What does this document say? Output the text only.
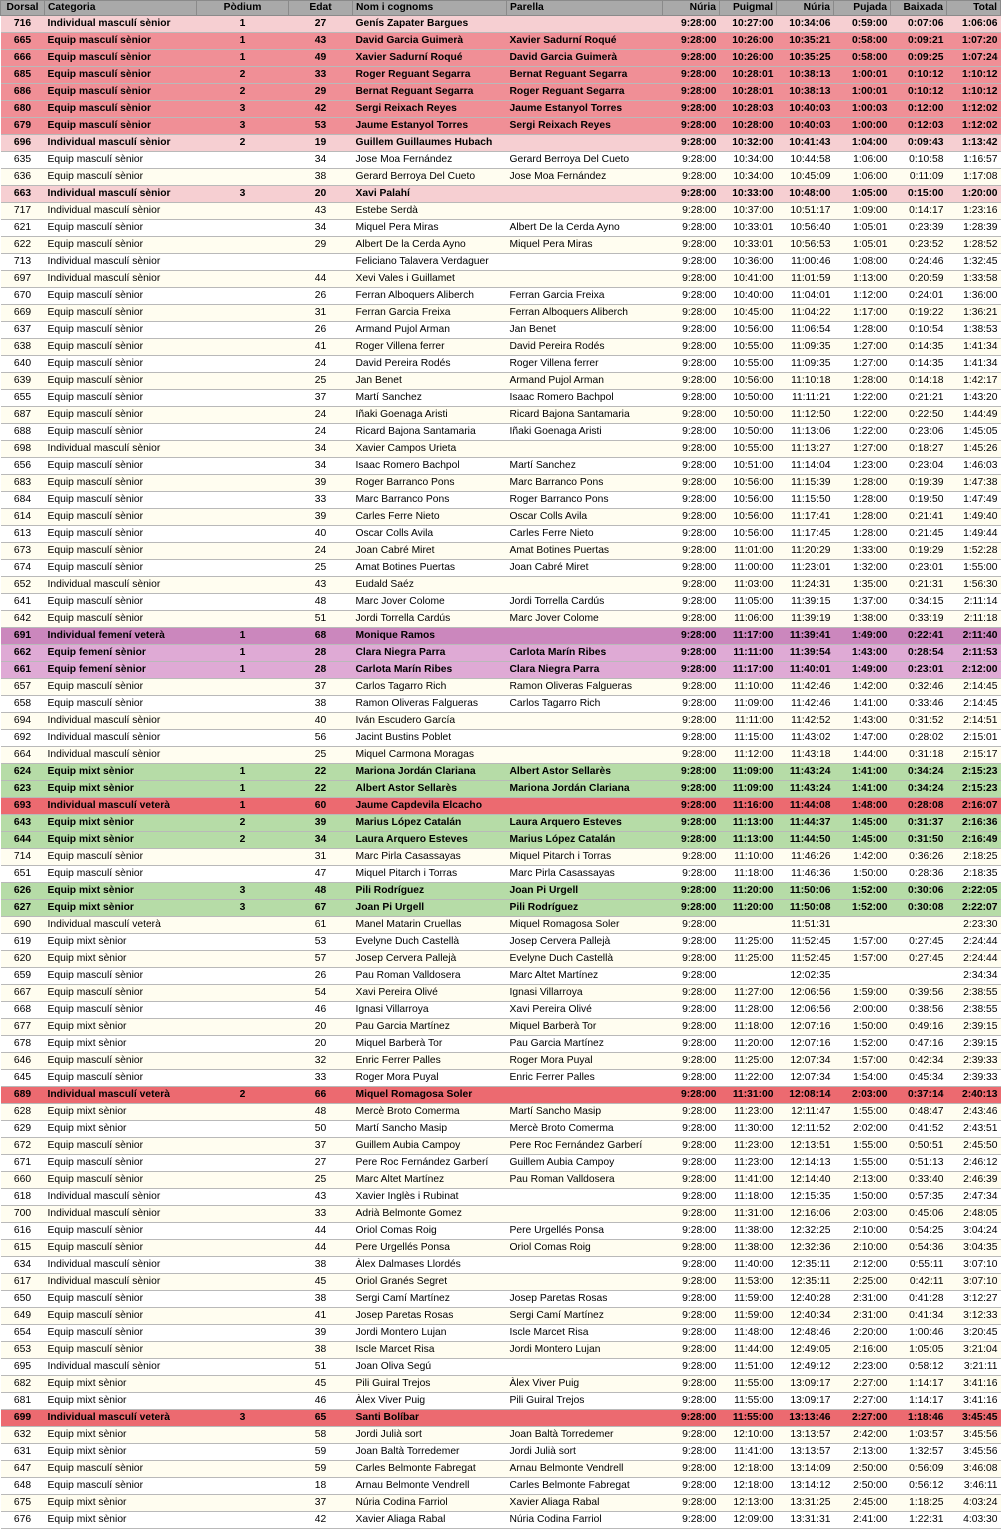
Dorsal	Categoria	Pòdium	Edat	Nom i cognoms	Parella	Núria	Puigmal	Núria	Pujada	Baixada	Total
716	Individual masculí sènior	1	27	Genís Zapater Bargues		9:28:00	10:27:00	10:34:06	0:59:00	0:07:06	1:06:06
665	Equip masculí sènior	1	43	David Garcia Guimerà	Xavier Sadurní Roqué	9:28:00	10:26:00	10:35:21	0:58:00	0:09:21	1:07:20
666	Equip masculí sènior	1	49	Xavier Sadurní Roqué	David Garcia Guimerà	9:28:00	10:26:00	10:35:25	0:58:00	0:09:25	1:07:24
685	Equip masculí sènior	2	33	Roger Reguant Segarra	Bernat Reguant Segarra	9:28:00	10:28:01	10:38:13	1:00:01	0:10:12	1:10:12
686	Equip masculí sènior	2	29	Bernat Reguant Segarra	Roger Reguant Segarra	9:28:00	10:28:01	10:38:13	1:00:01	0:10:12	1:10:12
680	Equip masculí sènior	3	42	Sergi Reixach Reyes	Jaume Estanyol Torres	9:28:00	10:28:03	10:40:03	1:00:03	0:12:00	1:12:02
679	Equip masculí sènior	3	53	Jaume Estanyol Torres	Sergi Reixach Reyes	9:28:00	10:28:00	10:40:03	1:00:00	0:12:03	1:12:02
696	Individual masculí sènior	2	19	Guillem Guillaumes Hubach		9:28:00	10:32:00	10:41:43	1:04:00	0:09:43	1:13:42
635	Equip masculí sènior		34	Jose Moa Fernández	Gerard Berroya Del Cueto	9:28:00	10:34:00	10:44:58	1:06:00	0:10:58	1:16:57
636	Equip masculí sènior		38	Gerard Berroya Del Cueto	Jose Moa Fernández	9:28:00	10:34:00	10:45:09	1:06:00	0:11:09	1:17:08
663	Individual masculí sènior	3	20	Xavi Palahí		9:28:00	10:33:00	10:48:00	1:05:00	0:15:00	1:20:00
717	Individual masculí sènior		43	Estebe Serdà		9:28:00	10:37:00	10:51:17	1:09:00	0:14:17	1:23:16
621	Equip masculí sènior		34	Miquel Pera Miras	Albert De la Cerda Ayno	9:28:00	10:33:01	10:56:40	1:05:01	0:23:39	1:28:39
622	Equip masculí sènior		29	Albert De la Cerda Ayno	Miquel Pera Miras	9:28:00	10:33:01	10:56:53	1:05:01	0:23:52	1:28:52
713	Individual masculí sènior			Feliciano Talavera Verdaguer		9:28:00	10:36:00	11:00:46	1:08:00	0:24:46	1:32:45
697	Individual masculí sènior		44	Xevi Vales i Guillamet		9:28:00	10:41:00	11:01:59	1:13:00	0:20:59	1:33:58
670	Equip masculí sènior		26	Ferran Alboquers Aliberch	Ferran Garcia Freixa	9:28:00	10:40:00	11:04:01	1:12:00	0:24:01	1:36:00
669	Equip masculí sènior		31	Ferran Garcia Freixa	Ferran Alboquers Aliberch	9:28:00	10:45:00	11:04:22	1:17:00	0:19:22	1:36:21
637	Equip masculí sènior		26	Armand Pujol Arman	Jan Benet	9:28:00	10:56:00	11:06:54	1:28:00	0:10:54	1:38:53
638	Equip masculí sènior		41	Roger Villena ferrer	David Pereira Rodés	9:28:00	10:55:00	11:09:35	1:27:00	0:14:35	1:41:34
640	Equip masculí sènior		24	David Pereira Rodés	Roger Villena ferrer	9:28:00	10:55:00	11:09:35	1:27:00	0:14:35	1:41:34
639	Equip masculí sènior		25	Jan Benet	Armand Pujol Arman	9:28:00	10:56:00	11:10:18	1:28:00	0:14:18	1:42:17
655	Equip masculí sènior		37	Martí Sanchez	Isaac Romero Bachpol	9:28:00	10:50:00	11:11:21	1:22:00	0:21:21	1:43:20
687	Equip masculí sènior		24	Iñaki Goenaga Aristi	Ricard Bajona Santamaria	9:28:00	10:50:00	11:12:50	1:22:00	0:22:50	1:44:49
688	Equip masculí sènior		24	Ricard Bajona Santamaria	Iñaki Goenaga Aristi	9:28:00	10:50:00	11:13:06	1:22:00	0:23:06	1:45:05
698	Individual masculí sènior		34	Xavier Campos Urieta		9:28:00	10:55:00	11:13:27	1:27:00	0:18:27	1:45:26
656	Equip masculí sènior		34	Isaac Romero Bachpol	Martí Sanchez	9:28:00	10:51:00	11:14:04	1:23:00	0:23:04	1:46:03
683	Equip masculí sènior		39	Roger Barranco Pons	Marc Barranco Pons	9:28:00	10:56:00	11:15:39	1:28:00	0:19:39	1:47:38
684	Equip masculí sènior		33	Marc Barranco Pons	Roger Barranco Pons	9:28:00	10:56:00	11:15:50	1:28:00	0:19:50	1:47:49
614	Equip masculí sènior		39	Carles Ferre Nieto	Oscar Colls Avila	9:28:00	10:56:00	11:17:41	1:28:00	0:21:41	1:49:40
613	Equip masculí sènior		40	Oscar Colls Avila	Carles Ferre Nieto	9:28:00	10:56:00	11:17:45	1:28:00	0:21:45	1:49:44
673	Equip masculí sènior		24	Joan Cabré Miret	Amat Botines Puertas	9:28:00	11:01:00	11:20:29	1:33:00	0:19:29	1:52:28
674	Equip masculí sènior		25	Amat Botines Puertas	Joan Cabré Miret	9:28:00	11:00:00	11:23:01	1:32:00	0:23:01	1:55:00
652	Individual masculí sènior		43	Eudald Saéz		9:28:00	11:03:00	11:24:31	1:35:00	0:21:31	1:56:30
641	Equip masculí sènior		48	Marc Jover Colome	Jordi Torrella Cardús	9:28:00	11:05:00	11:39:15	1:37:00	0:34:15	2:11:14
642	Equip masculí sènior		51	Jordi Torrella Cardús	Marc Jover Colome	9:28:00	11:06:00	11:39:19	1:38:00	0:33:19	2:11:18
691	Individual femení veterà	1	68	Monique Ramos		9:28:00	11:17:00	11:39:41	1:49:00	0:22:41	2:11:40
662	Equip femení sènior	1	28	Clara Niegra Parra	Carlota Marín Ribes	9:28:00	11:11:00	11:39:54	1:43:00	0:28:54	2:11:53
661	Equip femení sènior	1	28	Carlota Marín Ribes	Clara Niegra Parra	9:28:00	11:17:00	11:40:01	1:49:00	0:23:01	2:12:00
657	Equip masculí sènior		37	Carlos Tagarro Rich	Ramon Oliveras Falgueras	9:28:00	11:10:00	11:42:46	1:42:00	0:32:46	2:14:45
658	Equip masculí sènior		38	Ramon Oliveras Falgueras	Carlos Tagarro Rich	9:28:00	11:09:00	11:42:46	1:41:00	0:33:46	2:14:45
694	Individual masculí sènior		40	Iván Escudero García		9:28:00	11:11:00	11:42:52	1:43:00	0:31:52	2:14:51
692	Individual masculí sènior		56	Jacint Bustins Poblet		9:28:00	11:15:00	11:43:02	1:47:00	0:28:02	2:15:01
664	Individual masculí sènior		25	Miquel Carmona Moragas		9:28:00	11:12:00	11:43:18	1:44:00	0:31:18	2:15:17
624	Equip mixt sènior	1	22	Mariona Jordán Clariana	Albert Astor Sellarès	9:28:00	11:09:00	11:43:24	1:41:00	0:34:24	2:15:23
623	Equip mixt sènior	1	22	Albert Astor Sellarès	Mariona Jordán Clariana	9:28:00	11:09:00	11:43:24	1:41:00	0:34:24	2:15:23
693	Individual masculí veterà	1	60	Jaume Capdevila Elcacho		9:28:00	11:16:00	11:44:08	1:48:00	0:28:08	2:16:07
643	Equip mixt sènior	2	39	Marius López Catalán	Laura Arquero Esteves	9:28:00	11:13:00	11:44:37	1:45:00	0:31:37	2:16:36
644	Equip mixt sènior	2	34	Laura Arquero Esteves	Marius López Catalán	9:28:00	11:13:00	11:44:50	1:45:00	0:31:50	2:16:49
714	Equip masculí sènior		31	Marc Pirla Casassayas	Miquel Pitarch i Torras	9:28:00	11:10:00	11:46:26	1:42:00	0:36:26	2:18:25
651	Equip masculí sènior		47	Miquel Pitarch i Torras	Marc Pirla Casassayas	9:28:00	11:18:00	11:46:36	1:50:00	0:28:36	2:18:35
626	Equip mixt sènior	3	48	Pili Rodríguez	Joan Pi Urgell	9:28:00	11:20:00	11:50:06	1:52:00	0:30:06	2:22:05
627	Equip mixt sènior	3	67	Joan Pi Urgell	Pili Rodríguez	9:28:00	11:20:00	11:50:08	1:52:00	0:30:08	2:22:07
690	Individual masculí veterà		61	Manel Matarin Cruellas	Miquel Romagosa Soler	9:28:00		11:51:31			2:23:30
619	Equip mixt sènior		53	Evelyne Duch Castellà	Josep Cervera Pallejà	9:28:00	11:25:00	11:52:45	1:57:00	0:27:45	2:24:44
620	Equip mixt sènior		57	Josep Cervera Pallejà	Evelyne Duch Castellà	9:28:00	11:25:00	11:52:45	1:57:00	0:27:45	2:24:44
659	Equip masculí sènior		26	Pau Roman Valldosera	Marc Altet Martínez	9:28:00		12:02:35			2:34:34
667	Equip masculí sènior		54	Xavi Pereira Olivé	Ignasi Villarroya	9:28:00	11:27:00	12:06:56	1:59:00	0:39:56	2:38:55
668	Equip masculí sènior		46	Ignasi Villarroya	Xavi Pereira Olivé	9:28:00	11:28:00	12:06:56	2:00:00	0:38:56	2:38:55
677	Equip mixt sènior		20	Pau Garcia Martínez	Miquel Barberà Tor	9:28:00	11:18:00	12:07:16	1:50:00	0:49:16	2:39:15
678	Equip mixt sènior		20	Miquel Barberà Tor	Pau Garcia Martínez	9:28:00	11:20:00	12:07:16	1:52:00	0:47:16	2:39:15
646	Equip masculí sènior		32	Enric Ferrer Palles	Roger Mora Puyal	9:28:00	11:25:00	12:07:34	1:57:00	0:42:34	2:39:33
645	Equip masculí sènior		33	Roger Mora Puyal	Enric Ferrer Palles	9:28:00	11:22:00	12:07:34	1:54:00	0:45:34	2:39:33
689	Individual masculí veterà	2	66	Miquel Romagosa Soler		9:28:00	11:31:00	12:08:14	2:03:00	0:37:14	2:40:13
628	Equip mixt sènior		48	Mercè Broto Comerma	Martí Sancho Masip	9:28:00	11:23:00	12:11:47	1:55:00	0:48:47	2:43:46
629	Equip mixt sènior		50	Martí Sancho Masip	Mercè Broto Comerma	9:28:00	11:30:00	12:11:52	2:02:00	0:41:52	2:43:51
672	Equip masculí sènior		37	Guillem Aubia Campoy	Pere Roc Fernández Garberí	9:28:00	11:23:00	12:13:51	1:55:00	0:50:51	2:45:50
671	Equip masculí sènior		27	Pere Roc Fernández Garberí	Guillem Aubia Campoy	9:28:00	11:23:00	12:14:13	1:55:00	0:51:13	2:46:12
660	Equip masculí sènior		25	Marc Altet Martínez	Pau Roman Valldosera	9:28:00	11:41:00	12:14:40	2:13:00	0:33:40	2:46:39
618	Individual masculí sènior		43	Xavier Inglès i Rubinat		9:28:00	11:18:00	12:15:35	1:50:00	0:57:35	2:47:34
700	Individual masculí sènior		33	Adrià Belmonte Gomez		9:28:00	11:31:00	12:16:06	2:03:00	0:45:06	2:48:05
616	Equip masculí sènior		44	Oriol Comas Roig	Pere Urgellés Ponsa	9:28:00	11:38:00	12:32:25	2:10:00	0:54:25	3:04:24
615	Equip masculí sènior		44	Pere Urgellés Ponsa	Oriol Comas Roig	9:28:00	11:38:00	12:32:36	2:10:00	0:54:36	3:04:35
634	Individual masculí sènior		38	Àlex Dalmases Llordés		9:28:00	11:40:00	12:35:11	2:12:00	0:55:11	3:07:10
617	Individual masculí sènior		45	Oriol Granés Segret		9:28:00	11:53:00	12:35:11	2:25:00	0:42:11	3:07:10
650	Equip masculí sènior		38	Sergi Camí Martínez	Josep Paretas Rosas	9:28:00	11:59:00	12:40:28	2:31:00	0:41:28	3:12:27
649	Equip masculí sènior		41	Josep Paretas Rosas	Sergi Camí Martínez	9:28:00	11:59:00	12:40:34	2:31:00	0:41:34	3:12:33
654	Equip masculí sènior		39	Jordi Montero Lujan	Iscle Marcet Risa	9:28:00	11:48:00	12:48:46	2:20:00	1:00:46	3:20:45
653	Equip masculí sènior		38	Iscle Marcet Risa	Jordi Montero Lujan	9:28:00	11:44:00	12:49:05	2:16:00	1:05:05	3:21:04
695	Individual masculí sènior		51	Joan Oliva Segú		9:28:00	11:51:00	12:49:12	2:23:00	0:58:12	3:21:11
682	Equip mixt sènior		45	Pili Guiral Trejos	Àlex Viver Puig	9:28:00	11:55:00	13:09:17	2:27:00	1:14:17	3:41:16
681	Equip mixt sènior		46	Àlex Viver Puig	Pili Guiral Trejos	9:28:00	11:55:00	13:09:17	2:27:00	1:14:17	3:41:16
699	Individual masculí veterà	3	65	Santi Bolíbar		9:28:00	11:55:00	13:13:46	2:27:00	1:18:46	3:45:45
632	Equip mixt sènior		58	Jordi Julià sort	Joan Baltà Torredemer	9:28:00	12:10:00	13:13:57	2:42:00	1:03:57	3:45:56
631	Equip mixt sènior		59	Joan Baltà Torredemer	Jordi Julià sort	9:28:00	11:41:00	13:13:57	2:13:00	1:32:57	3:45:56
647	Equip masculí sènior		59	Carles Belmonte Fabregat	Arnau Belmonte Vendrell	9:28:00	12:18:00	13:14:09	2:50:00	0:56:09	3:46:08
648	Equip masculí sènior		18	Arnau Belmonte Vendrell	Carles Belmonte Fabregat	9:28:00	12:18:00	13:14:12	2:50:00	0:56:12	3:46:11
675	Equip mixt sènior		37	Núria Codina Farriol	Xavier Aliaga Rabal	9:28:00	12:13:00	13:31:25	2:45:00	1:18:25	4:03:24
676	Equip mixt sènior		42	Xavier Aliaga Rabal	Núria Codina Farriol	9:28:00	12:09:00	13:31:31	2:41:00	1:22:31	4:03:30
